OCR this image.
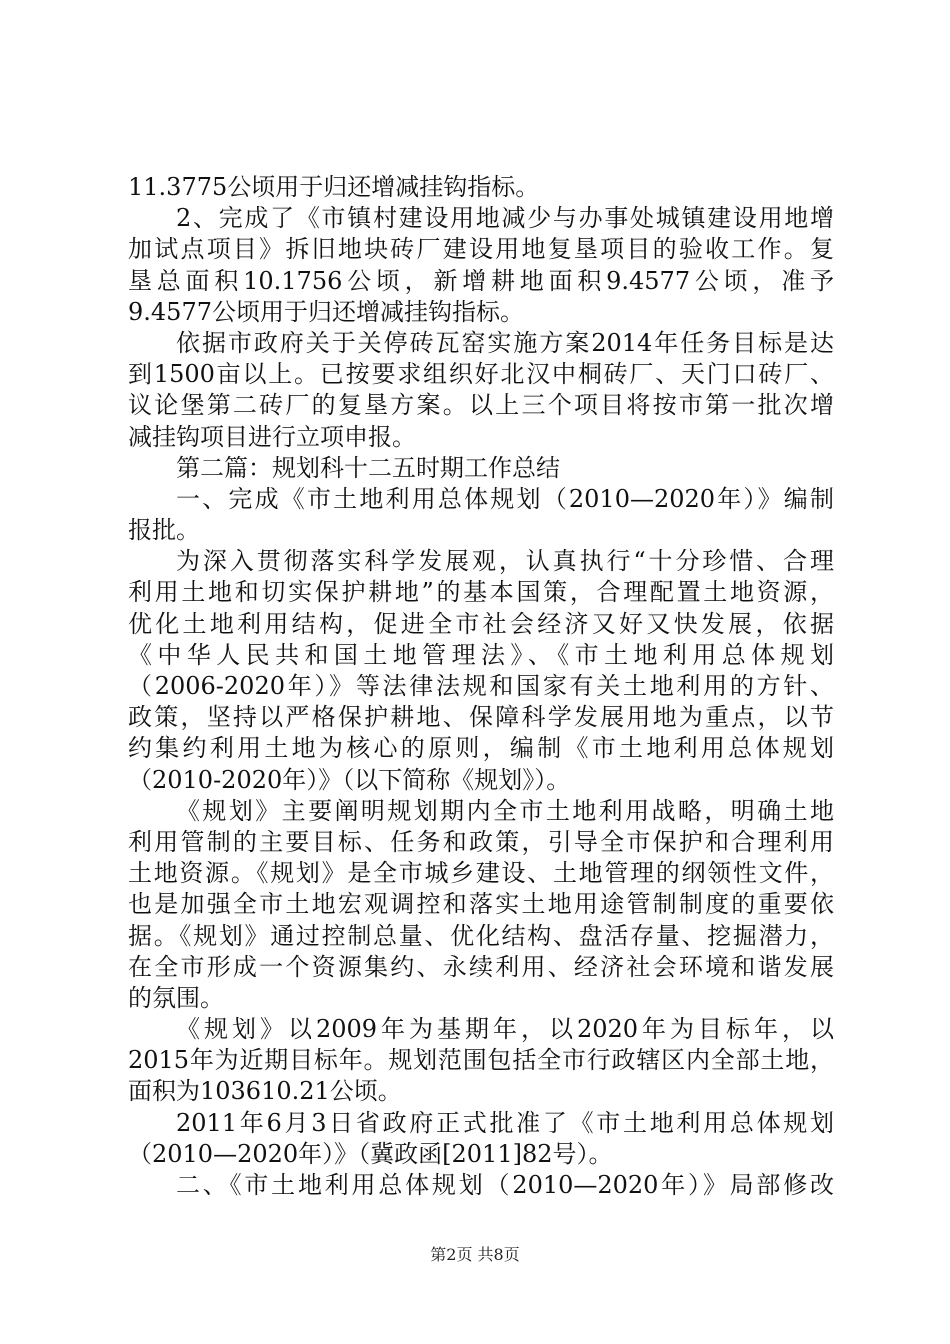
11.3775公顷用于归还增减挂钩指标。
2、完成了《市镇村建设用地减少与办事处城镇建设用地增
加试点项目》拆旧地块砖厂建设用地复垦项目的验收工作。复
垦总面积10.1756公顷，新增耕地面积9.4577公顷，准予
9.4577公顷用于归还增减挂钩指标。
依据市政府关于关停砖瓦窑实施方案2014年任务目标是达
到1500亩以上。已按要求组织好北汉中桐砖厂、天门口砖厂、
议论堡第二砖厂的复垦方案。以上三个项目将按市第一批次增
减挂钩项目进行立项申报。
第二篇：规划科十二五时期工作总结
一、完成《市土地利用总体规划（2010—2020年）》编制
报批。
为深入贯彻落实科学发展观，认真执行“十分珍惜、合理
利用土地和切实保护耕地”的基本国策，合理配置土地资源，
优化土地利用结构，促进全市社会经济又好又快发展，依据
《中华人民共和国土地管理法》、《市土地利用总体规划
（2006-2020年）》等法律法规和国家有关土地利用的方针、
政策，坚持以严格保护耕地、保障科学发展用地为重点，以节
约集约利用土地为核心的原则，编制《市土地利用总体规划
（2010-2020年）》（以下简称《规划》）。
《规划》主要阐明规划期内全市土地利用战略，明确土地
利用管制的主要目标、任务和政策，引导全市保护和合理利用
土地资源。《规划》是全市城乡建设、土地管理的纲领性文件，
也是加强全市土地宏观调控和落实土地用途管制制度的重要依
据。《规划》通过控制总量、优化结构、盘活存量、挖掘潜力，
在全市形成一个资源集约、永续利用、经济社会环境和谐发展
的氛围。
《规划》以2009年为基期年，以2020年为目标年，以
2015年为近期目标年。规划范围包括全市行政辖区内全部土地，
面积为103610.21公顷。
2011年6月3日省政府正式批准了《市土地利用总体规划
（2010—2020年）》（冀政函[2011]82号）。
二、《市土地利用总体规划（2010—2020年）》局部修改
第2页 共8页
